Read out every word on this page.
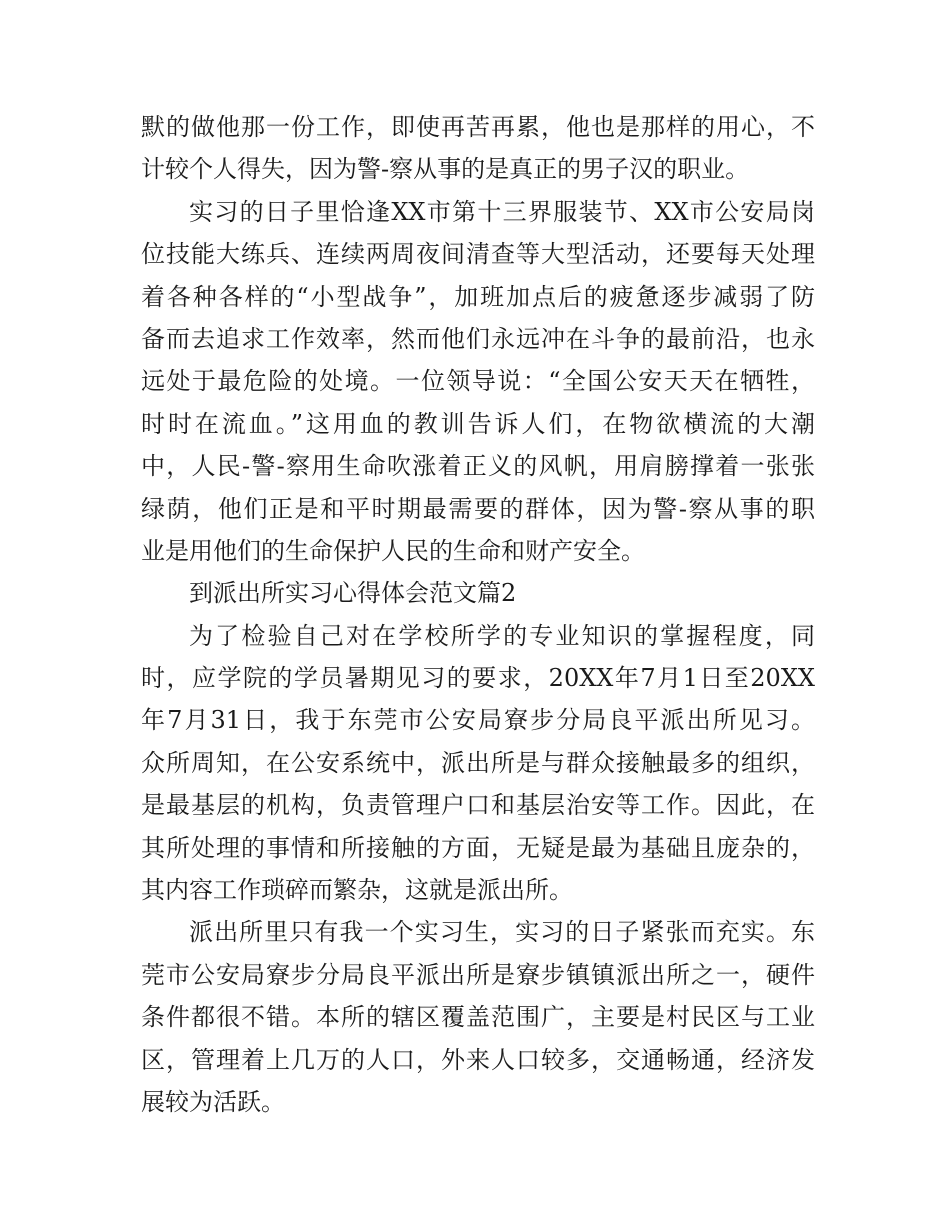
默的做他那一份工作，即使再苦再累，他也是那样的用心，不
计较个人得失，因为警-察从事的是真正的男子汉的职业。
实习的日子里恰逢XX市第十三界服装节、XX市公安局岗
位技能大练兵、连续两周夜间清查等大型活动，还要每天处理
着各种各样的“小型战争”，加班加点后的疲惫逐步减弱了防
备而去追求工作效率，然而他们永远冲在斗争的最前沿，也永
远处于最危险的处境。一位领导说：“全国公安天天在牺牲，
时时在流血。”这用血的教训告诉人们，在物欲横流的大潮
中，人民-警-察用生命吹涨着正义的风帆，用肩膀撑着一张张
绿荫，他们正是和平时期最需要的群体，因为警-察从事的职
业是用他们的生命保护人民的生命和财产安全。
到派出所实习心得体会范文篇2
为了检验自己对在学校所学的专业知识的掌握程度，同
时，应学院的学员暑期见习的要求，20XX年7月1日至20XX
年7月31日，我于东莞市公安局寮步分局良平派出所见习。
众所周知，在公安系统中，派出所是与群众接触最多的组织，
是最基层的机构，负责管理户口和基层治安等工作。因此，在
其所处理的事情和所接触的方面，无疑是最为基础且庞杂的，
其内容工作琐碎而繁杂，这就是派出所。
派出所里只有我一个实习生，实习的日子紧张而充实。东
莞市公安局寮步分局良平派出所是寮步镇镇派出所之一，硬件
条件都很不错。本所的辖区覆盖范围广，主要是村民区与工业
区，管理着上几万的人口，外来人口较多，交通畅通，经济发
展较为活跃。
